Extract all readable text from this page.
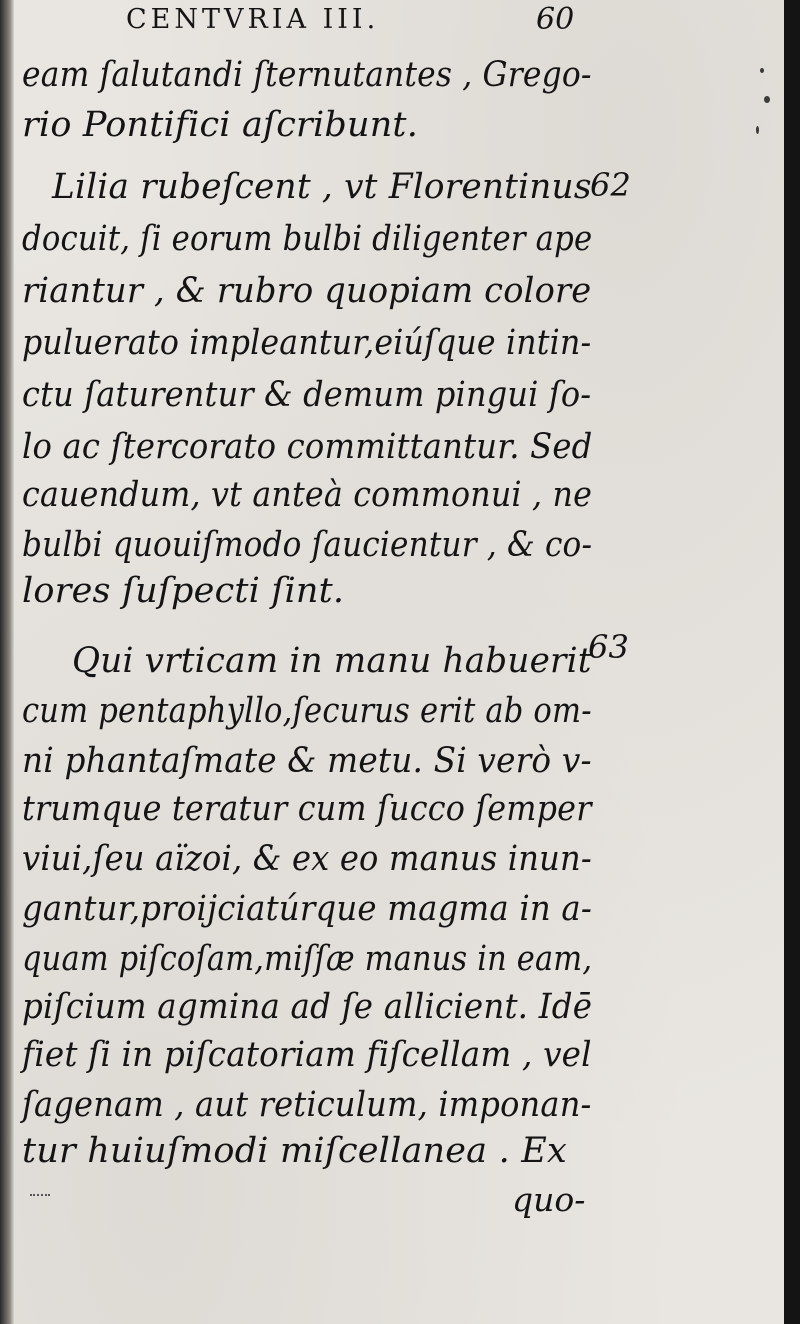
CENTVRIA III.	60
eam ſalutandi ſternutantes , Grego-
rio Pontifici aſcribunt.
Lilia rubeſcent , vt Florentinus
62
docuit, ſi eorum bulbi diligenter ape
riantur , & rubro quopiam colore
puluerato impleantur,eiúſque intin-
ctu ſaturentur & demum pingui ſo-
lo ac ſtercorato committantur. Sed
cauendum, vt anteà commonui , ne
bulbi quouiſmodo ſaucientur , & co-
lores ſuſpecti ſint.
Qui vrticam in manu habuerit
63
cum pentaphyllo,ſecurus erit ab om-
ni phantaſmate & metu. Si verò v-
trumque teratur cum ſucco ſemper
viui,ſeu aïzoi, & ex eo manus inun-
gantur,proijciatúrque magma in a-
quam piſcoſam,miſſæ manus in eam,
piſcium agmina ad ſe allicient. Idē
fiet ſi in piſcatoriam fiſcellam , vel
ſagenam , aut reticulum, imponan-
tur huiuſmodi miſcellanea . Ex
quo-
